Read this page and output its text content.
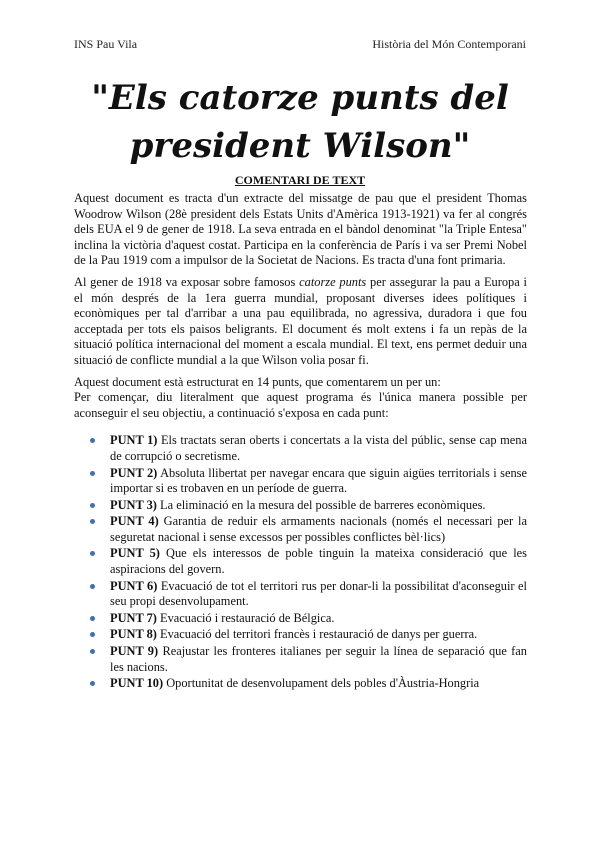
INS Pau Vila	Història del Món Contemporani
"Els catorze punts del president Wilson"
COMENTARI DE TEXT

Aquest document es tracta d'un extracte del missatge de pau que el president Thomas Woodrow Wilson (28è president dels Estats Units d'Amèrica 1913-1921) va fer al congrés dels EUA el 9 de gener de 1918. La seva entrada en el bàndol denominat "la Triple Entesa" inclina la victòria d'aquest costat. Participa en la conferència de París i va ser Premi Nobel de la Pau 1919 com a impulsor de la Societat de Nacions. Es tracta d'una font primaria.

Al gener de 1918 va exposar sobre famosos catorze punts per assegurar la pau a Europa i el món després de la 1era guerra mundial, proposant diverses idees polítiques i econòmiques per tal d'arribar a una pau equilibrada, no agressiva, duradora i que fou acceptada per tots els paisos beligrants. El document és molt extens i fa un repàs de la situació política internacional del moment a escala mundial. El text, ens permet deduir una situació de conflicte mundial a la que Wilson volia posar fi.

Aquest document està estructurat en 14 punts, que comentarem un per un:

Per començar, diu literalment que aquest programa és l'única manera possible per aconseguir el seu objectiu, a continuació s'exposa en cada punt:

PUNT 1) Els tractats seran oberts i concertats a la vista del públic, sense cap mena de corrupció o secretisme.
PUNT 2) Absoluta llibertat per navegar encara que siguin aigües territorials i sense importar si es trobaven en un període de guerra.
PUNT 3) La eliminació en la mesura del possible de barreres econòmiques.
PUNT 4) Garantia de reduir els armaments nacionals (només el necessari per la seguretat nacional i sense excessos per possibles conflictes bèl·lics)
PUNT 5) Que els interessos de poble tinguin la mateixa consideració que les aspiracions del govern.
PUNT 6) Evacuació de tot el territori rus per donar-li la possibilitat d'aconseguir el seu propi desenvolupament.
PUNT 7) Evacuació i restauració de Bélgica.
PUNT 8) Evacuació del territori francès i restauració de danys per guerra.
PUNT 9) Reajustar les fronteres italianes per seguir la línea de separació que fan les nacions.
PUNT 10) Oportunitat de desenvolupament dels pobles d'Àustria-Hongria
